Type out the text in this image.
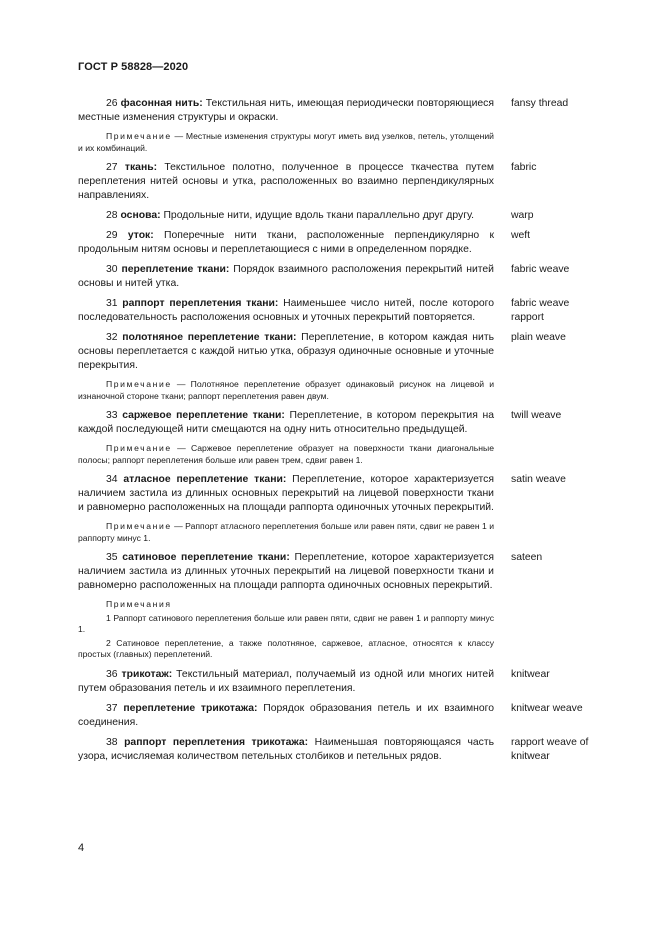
ГОСТ Р 58828—2020
26 фасонная нить: Текстильная нить, имеющая периодически повторяющиеся местные изменения структуры и окраски.
fansy thread
Примечание — Местные изменения структуры могут иметь вид узелков, петель, утолщений и их комбинаций.
27 ткань: Текстильное полотно, полученное в процессе ткачества путем переплетения нитей основы и утка, расположенных во взаимно перпендикулярных направлениях.
fabric
28 основа: Продольные нити, идущие вдоль ткани параллельно друг другу.	warp
29 уток: Поперечные нити ткани, расположенные перпендикулярно к продольным нитям основы и переплетающиеся с ними в определенном порядке.
weft
30 переплетение ткани: Порядок взаимного расположения перекрытий нитей основы и нитей утка.
fabric weave
31 раппорт переплетения ткани: Наименьшее число нитей, после которого последовательность расположения основных и уточных перекрытий повторяется.
fabric weave rapport
32 полотняное переплетение ткани: Переплетение, в котором каждая нить основы переплетается с каждой нитью утка, образуя одиночные основные и уточные перекрытия.
plain weave
Примечание — Полотняное переплетение образует одинаковый рисунок на лицевой и изнаночной стороне ткани; раппорт переплетения равен двум.
33 саржевое переплетение ткани: Переплетение, в котором перекрытия на каждой последующей нити смещаются на одну нить относительно предыдущей.
twill weave
Примечание — Саржевое переплетение образует на поверхности ткани диагональные полосы; раппорт переплетения больше или равен трем, сдвиг равен 1.
34 атласное переплетение ткани: Переплетение, которое характеризуется наличием застила из длинных основных перекрытий на лицевой поверхности ткани и равномерно расположенных на площади раппорта одиночных уточных перекрытий.
satin weave
Примечание — Раппорт атласного переплетения больше или равен пяти, сдвиг не равен 1 и раппорту минус 1.
35 сатиновое переплетение ткани: Переплетение, которое характеризуется наличием застила из длинных уточных перекрытий на лицевой поверхности ткани и равномерно расположенных на площади раппорта одиночных основных перекрытий.
sateen
Примечания
1 Раппорт сатинового переплетения больше или равен пяти, сдвиг не равен 1 и раппорту минус 1.
2 Сатиновое переплетение, а также полотняное, саржевое, атласное, относятся к классу простых (главных) переплетений.
36 трикотаж: Текстильный материал, получаемый из одной или многих нитей путем образования петель и их взаимного переплетения.
knitwear
37 переплетение трикотажа: Порядок образования петель и их взаимного соединения.
knitwear weave
38 раппорт переплетения трикотажа: Наименьшая повторяющаяся часть узора, исчисляемая количеством петельных столбиков и петельных рядов.
rapport weave of knitwear
4
